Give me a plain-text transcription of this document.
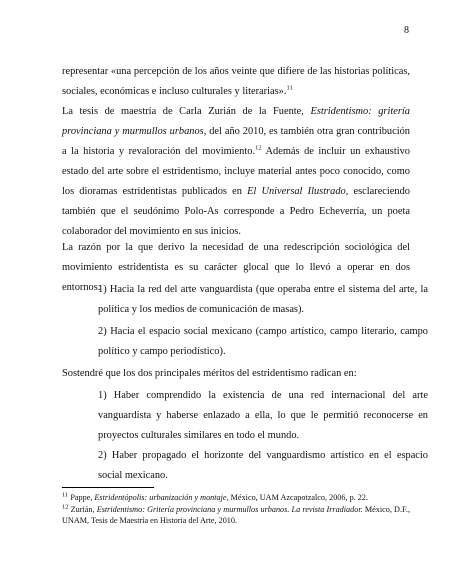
8

representar «una percepción de los años veinte que difiere de las historias políticas, sociales, económicas e incluso culturales y literarias».$^{11}$

La tesis de maestría de Carla Zurián de la Fuente, Estridentismo: gritería provinciana y murmullos urbanos, del año 2010, es también otra gran contribución a la historia y revaloración del movimiento.$^{12}$ Además de incluir un exhaustivo estado del arte sobre el estridentismo, incluye material antes poco conocido, como los dioramas estridentistas publicados en El Universal Ilustrado, esclareciendo también que el seudónimo Polo-As corresponde a Pedro Echeverría, un poeta colaborador del movimiento en sus inicios.

La razón por la que derivo la necesidad de una redescripción sociológica del movimiento estridentista es su carácter glocal que lo llevó a operar en dos entornos:

1) Hacia la red del arte vanguardista (que operaba entre el sistema del arte, la política y los medios de comunicación de masas).

2) Hacia el espacio social mexicano (campo artístico, campo literario, campo político y campo periodístico).

Sostendré que los dos principales méritos del estridentismo radican en:

1) Haber comprendido la existencia de una red internacional del arte vanguardista y haberse enlazado a ella, lo que le permitió reconocerse en proyectos culturales similares en todo el mundo.

2) Haber propagado el horizonte del vanguardismo artístico en el espacio social mexicano.

$^{11}$ Pappe, Estridentópolis: urbanización y montaje, México, UAM Azcapotzalco, 2006, p. 22.

$^{12}$ Zurián, Estridentismo: Gritería provinciana y murmullos urbanos. La revista Irradiador. México, D.F., UNAM, Tesis de Maestría en Historia del Arte, 2010.
